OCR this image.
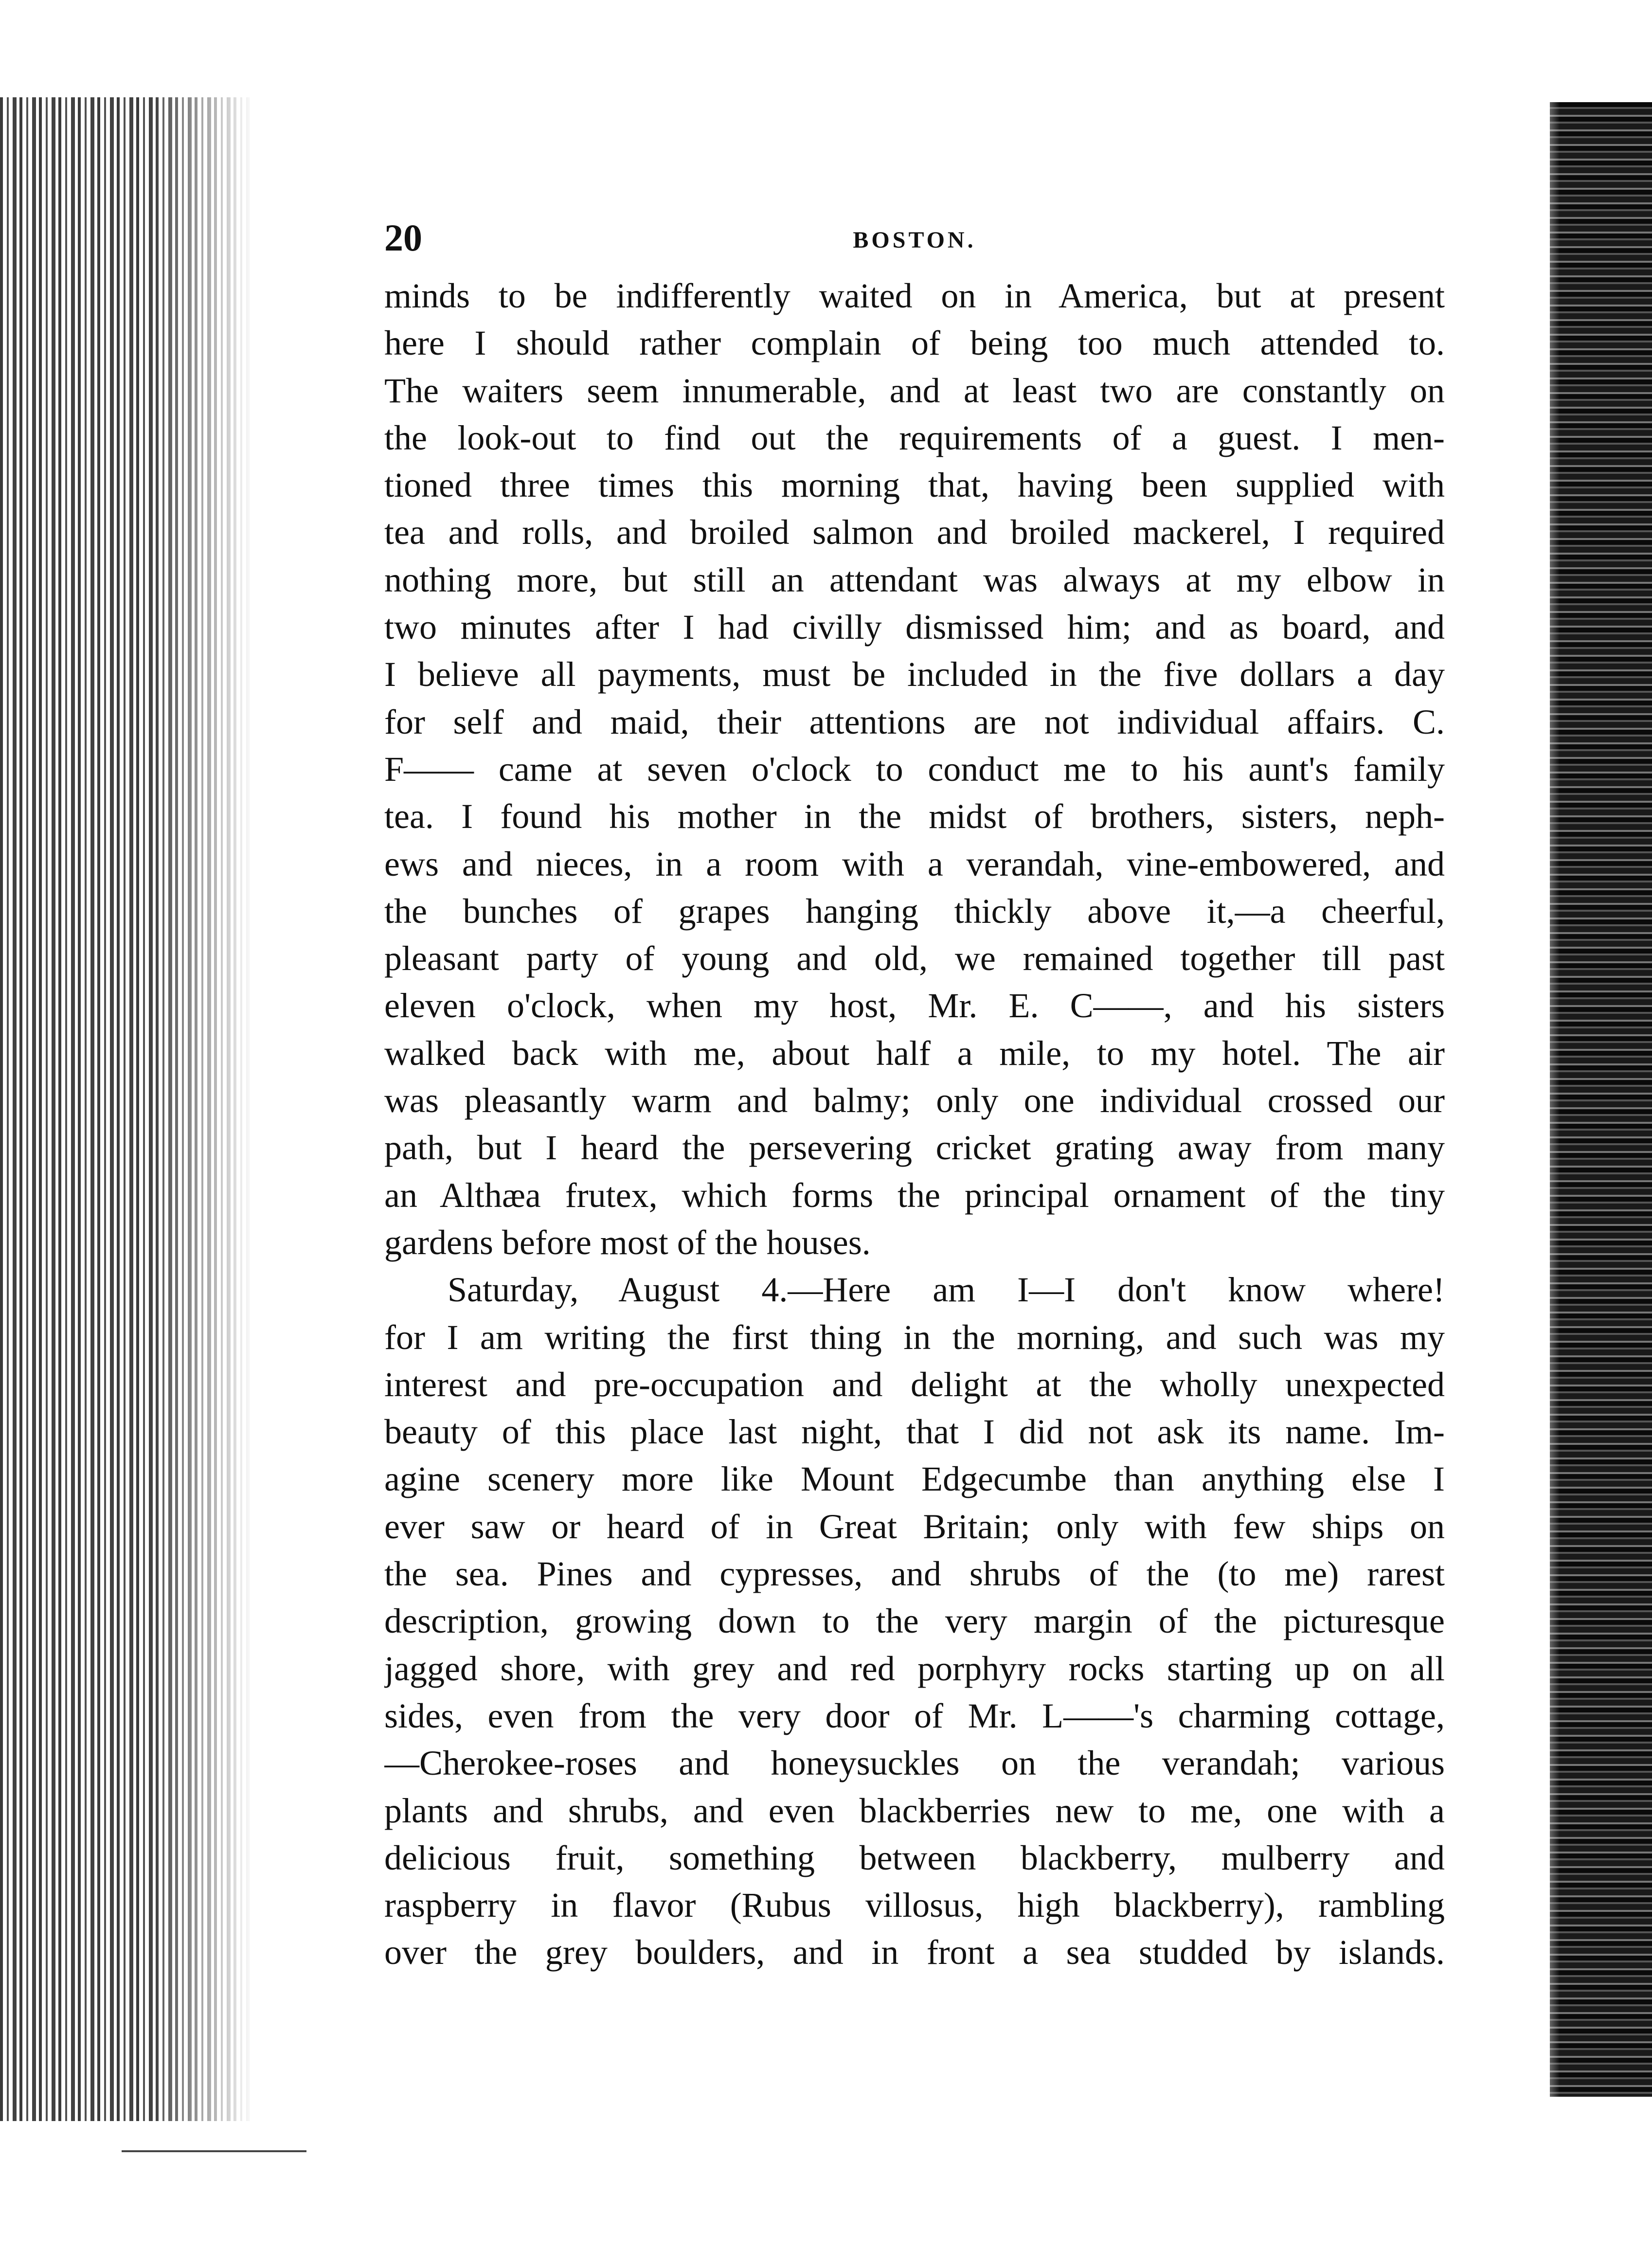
20	BOSTON.
minds to be indifferently waited on in America, but at present
here I should rather complain of being too much attended to.
The waiters seem innumerable, and at least two are constantly on
the look-out to find out the requirements of a guest. I men-
tioned three times this morning that, having been supplied with
tea and rolls, and broiled salmon and broiled mackerel, I required
nothing more, but still an attendant was always at my elbow in
two minutes after I had civilly dismissed him; and as board, and
I believe all payments, must be included in the five dollars a day
for self and maid, their attentions are not individual affairs. C.
F—— came at seven o'clock to conduct me to his aunt's family
tea. I found his mother in the midst of brothers, sisters, neph-
ews and nieces, in a room with a verandah, vine-embowered, and
the bunches of grapes hanging thickly above it,—a cheerful,
pleasant party of young and old, we remained together till past
eleven o'clock, when my host, Mr. E. C——, and his sisters
walked back with me, about half a mile, to my hotel. The air
was pleasantly warm and balmy; only one individual crossed our
path, but I heard the persevering cricket grating away from many
an Althæa frutex, which forms the principal ornament of the tiny
gardens before most of the houses.
Saturday, August 4.—Here am I—I don't know where!
for I am writing the first thing in the morning, and such was my
interest and pre-occupation and delight at the wholly unexpected
beauty of this place last night, that I did not ask its name. Im-
agine scenery more like Mount Edgecumbe than anything else I
ever saw or heard of in Great Britain; only with few ships on
the sea. Pines and cypresses, and shrubs of the (to me) rarest
description, growing down to the very margin of the picturesque
jagged shore, with grey and red porphyry rocks starting up on all
sides, even from the very door of Mr. L——'s charming cottage,
—Cherokee-roses and honeysuckles on the verandah; various
plants and shrubs, and even blackberries new to me, one with a
delicious fruit, something between blackberry, mulberry and
raspberry in flavor (Rubus villosus, high blackberry), rambling
over the grey boulders, and in front a sea studded by islands.
